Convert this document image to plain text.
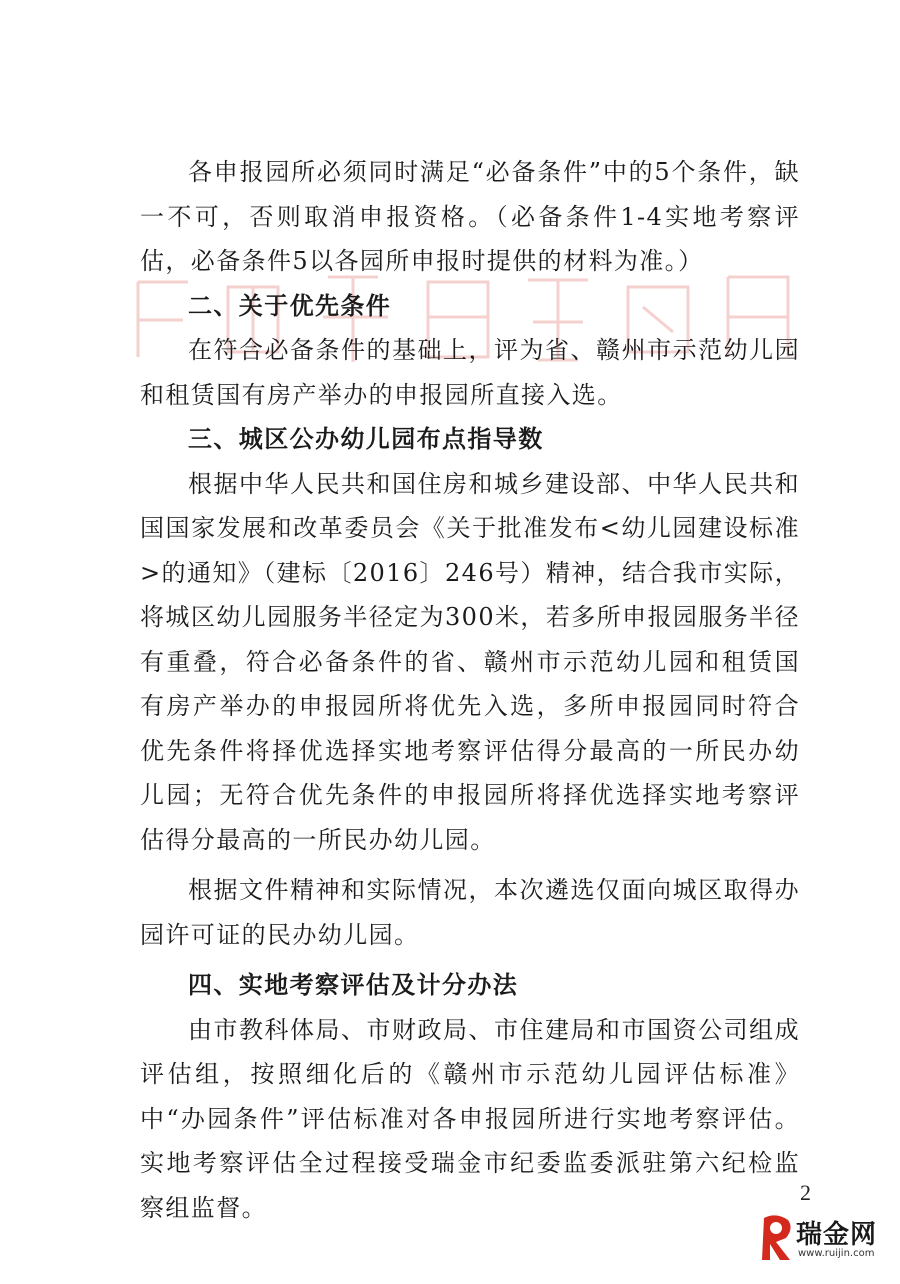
各申报园所必须同时满足“必备条件”中的5个条件，缺一不可，否则取消申报资格。（必备条件1-4实地考察评估，必备条件5以各园所申报时提供的材料为准。）

二、关于优先条件

在符合必备条件的基础上，评为省、赣州市示范幼儿园和租赁国有房产举办的申报园所直接入选。

三、城区公办幼儿园布点指导数

根据中华人民共和国住房和城乡建设部、中华人民共和国国家发展和改革委员会《关于批准发布<幼儿园建设标准>的通知》（建标〔2016〕246号）精神，结合我市实际，将城区幼儿园服务半径定为300米，若多所申报园服务半径有重叠，符合必备条件的省、赣州市示范幼儿园和租赁国有房产举办的申报园所将优先入选，多所申报园同时符合优先条件将择优选择实地考察评估得分最高的一所民办幼儿园；无符合优先条件的申报园所将择优选择实地考察评估得分最高的一所民办幼儿园。

根据文件精神和实际情况，本次遴选仅面向城区取得办园许可证的民办幼儿园。

四、实地考察评估及计分办法

由市教科体局、市财政局、市住建局和市国资公司组成评估组，按照细化后的《赣州市示范幼儿园评估标准》中“办园条件”评估标准对各申报园所进行实地考察评估。实地考察评估全过程接受瑞金市纪委监委派驻第六纪检监察组监督。

2
瑞金网
www.ruijin.com
